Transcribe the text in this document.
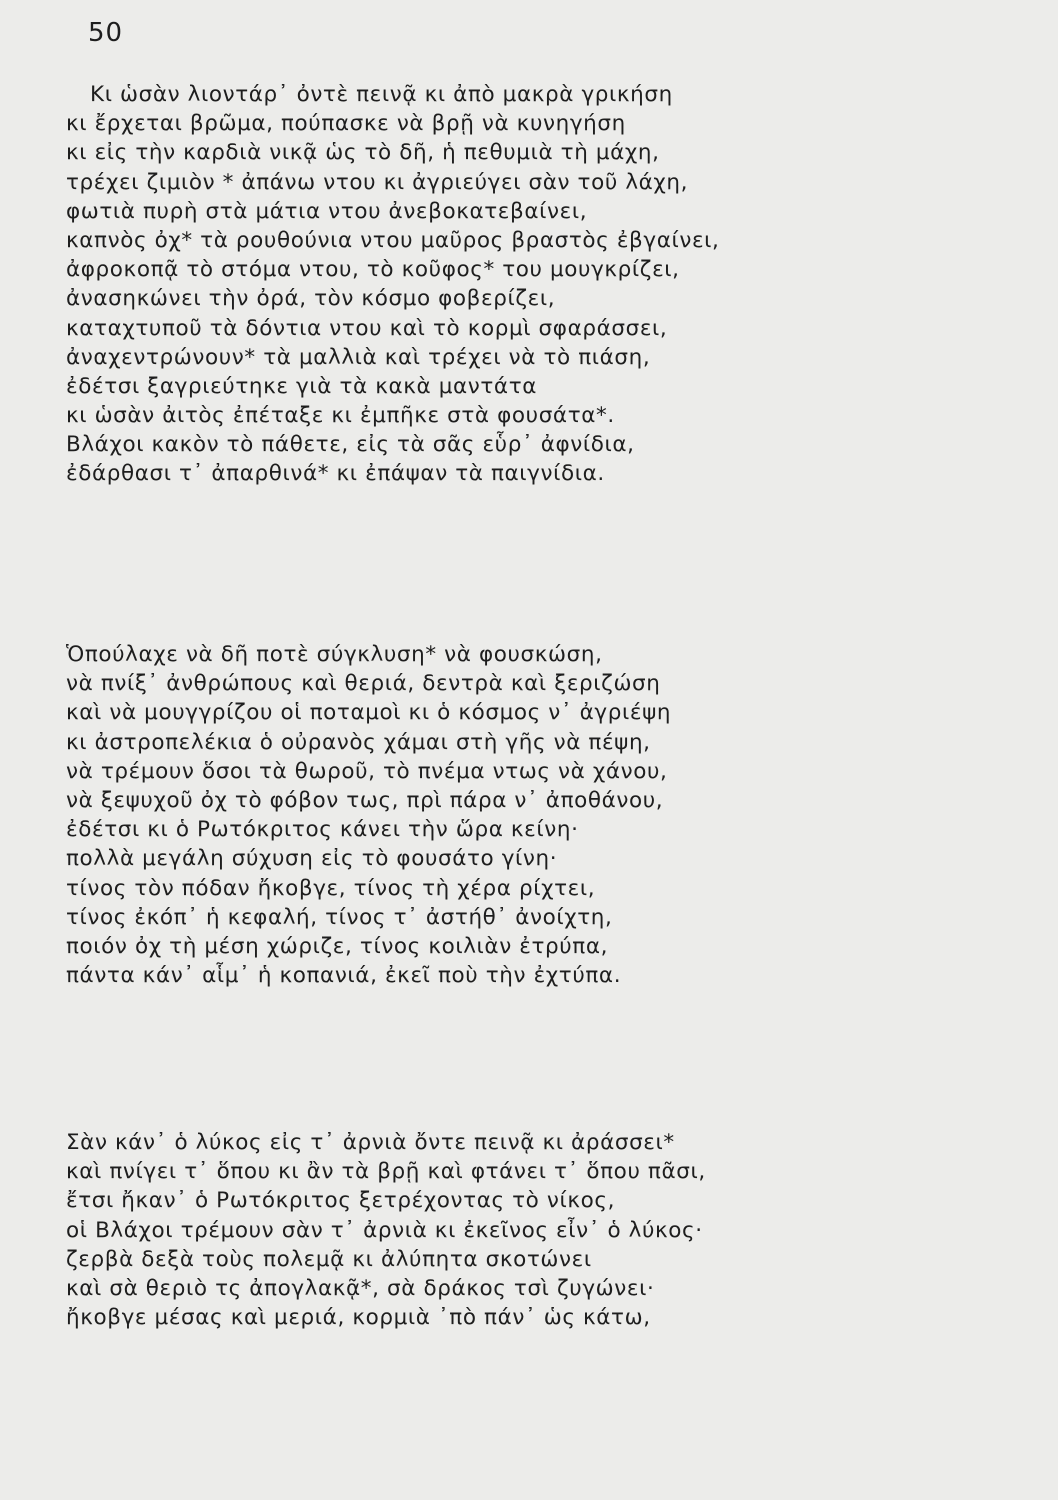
50
Κι ὡσὰν λιοντάρ᾽ ὀντὲ πεινᾷ κι ἀπὸ μακρὰ γρικήση
κι ἔρχεται βρῶμα, πούπασκε νὰ βρῇ νὰ κυνηγήση
κι εἰς τὴν καρδιὰ νικᾷ ὡς τὸ δῆ, ἡ πεθυμιὰ τὴ μάχη,
τρέχει ζιμιὸν * ἀπάνω ντου κι ἀγριεύγει σὰν τοῦ λάχη,
φωτιὰ πυρὴ στὰ μάτια ντου ἀνεβοκατεβαίνει,
καπνὸς ὀχ* τὰ ρουθούνια ντου μαῦρος βραστὸς ἐβγαίνει,
ἀφροκοπᾷ τὸ στόμα ντου, τὸ κοῦφος* του μουγκρίζει,
ἀνασηκώνει τὴν ὀρά, τὸν κόσμο φοβερίζει,
καταχτυποῦ τὰ δόντια ντου καὶ τὸ κορμὶ σφαράσσει,
ἀναχεντρώνουν* τὰ μαλλιὰ καὶ τρέχει νὰ τὸ πιάση,
ἐδέτσι ξαγριεύτηκε γιὰ τὰ κακὰ μαντάτα
κι ὡσὰν ἀιτὸς ἐπέταξε κι ἐμπῆκε στὰ φουσάτα*.
Βλάχοι κακὸν τὸ πάθετε, εἰς τὰ σᾶς εὗρ᾽ ἀφνίδια,
ἐδάρθασι τ᾽ ἀπαρθινά* κι ἐπάψαν τὰ παιγνίδια.
Ὁπούλαχε νὰ δῆ ποτὲ σύγκλυση* νὰ φουσκώση,
νὰ πνίξ᾽ ἀνθρώπους καὶ θεριά, δεντρὰ καὶ ξεριζώση
καὶ νὰ μουγγρίζου οἱ ποταμοὶ κι ὁ κόσμος ν᾽ ἀγριέψη
κι ἀστροπελέκια ὁ οὐρανὸς χάμαι στὴ γῆς νὰ πέψη,
νὰ τρέμουν ὅσοι τὰ θωροῦ, τὸ πνέμα ντως νὰ χάνου,
νὰ ξεψυχοῦ ὀχ τὸ φόβον τως, πρὶ πάρα ν᾽ ἀποθάνου,
ἐδέτσι κι ὁ Ρωτόκριτος κάνει τὴν ὥρα κείνη·
πολλὰ μεγάλη σύχυση εἰς τὸ φουσάτο γίνη·
τίνος τὸν πόδαν ἤκοβγε, τίνος τὴ χέρα ρίχτει,
τίνος ἐκόπ᾽ ἡ κεφαλή, τίνος τ᾽ ἀστήθ᾽ ἀνοίχτη,
ποιόν ὀχ τὴ μέση χώριζε, τίνος κοιλιὰν ἐτρύπα,
πάντα κάν᾽ αἷμ᾽ ἡ κοπανιά, ἐκεῖ ποὺ τὴν ἐχτύπα.
Σὰν κάν᾽ ὁ λύκος εἰς τ᾽ ἀρνιὰ ὄντε πεινᾷ κι ἀράσσει*
καὶ πνίγει τ᾽ ὅπου κι ἂν τὰ βρῇ καὶ φτάνει τ᾽ ὅπου πᾶσι,
ἔτσι ἤκαν᾽ ὁ Ρωτόκριτος ξετρέχοντας τὸ νίκος,
οἱ Βλάχοι τρέμουν σὰν τ᾽ ἀρνιὰ κι ἐκεῖνος εἶν᾽ ὁ λύκος·
ζερβὰ δεξὰ τοὺς πολεμᾷ κι ἀλύπητα σκοτώνει
καὶ σὰ θεριὸ τς ἀπογλακᾷ*, σὰ δράκος τσὶ ζυγώνει·
ἤκοβγε μέσας καὶ μεριά, κορμιὰ ᾽πὸ πάν᾽ ὡς κάτω,
